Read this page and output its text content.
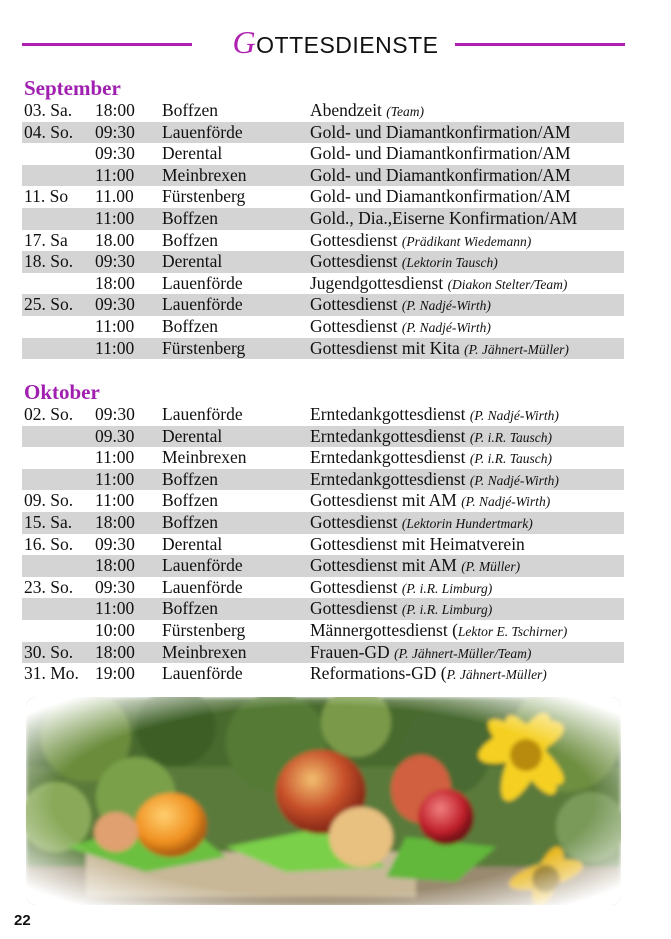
GOTTESDIENSTE
September
03. Sa. 18:00 Boffzen	Abendzeit (Team)
04. So. 09:30 Lauenförde	Gold- und Diamantkonfirmation/AM
09:30 Derental	Gold- und Diamantkonfirmation/AM
11:00 Meinbrexen	Gold- und Diamantkonfirmation/AM
11. So 11.00 Fürstenberg	Gold- und Diamantkonfirmation/AM
11:00 Boffzen	Gold., Dia.,Eiserne Konfirmation/AM
17. Sa 18.00 Boffzen	Gottesdienst (Prädikant Wiedemann)
18. So. 09:30 Derental	Gottesdienst (Lektorin Tausch)
18:00 Lauenförde	Jugendgottesdienst (Diakon Stelter/Team)
25. So. 09:30 Lauenförde	Gottesdienst (P. Nadjé-Wirth)
11:00 Boffzen	Gottesdienst (P. Nadjé-Wirth)
11:00 Fürstenberg	Gottesdienst mit Kita (P. Jähnert-Müller)
Oktober
02. So. 09:30 Lauenförde	Erntedankgottesdienst (P. Nadjé-Wirth)
09.30 Derental	Erntedankgottesdienst (P. i.R. Tausch)
11:00 Meinbrexen	Erntedankgottesdienst (P. i.R. Tausch)
11:00 Boffzen	Erntedankgottesdienst (P. Nadjé-Wirth)
09. So. 11:00 Boffzen	Gottesdienst mit AM (P. Nadjé-Wirth)
15. Sa. 18:00 Boffzen	Gottesdienst (Lektorin Hundertmark)
16. So. 09:30 Derental	Gottesdienst mit Heimatverein
18:00 Lauenförde	Gottesdienst mit AM (P. Müller)
23. So. 09:30 Lauenförde	Gottesdienst (P. i.R. Limburg)
11:00 Boffzen	Gottesdienst (P. i.R. Limburg)
10:00 Fürstenberg	Männergottesdienst (Lektor E. Tschirner)
30. So. 18:00 Meinbrexen	Frauen-GD (P. Jähnert-Müller/Team)
31. Mo. 19:00 Lauenförde	Reformations-GD (P. Jähnert-Müller)
22
